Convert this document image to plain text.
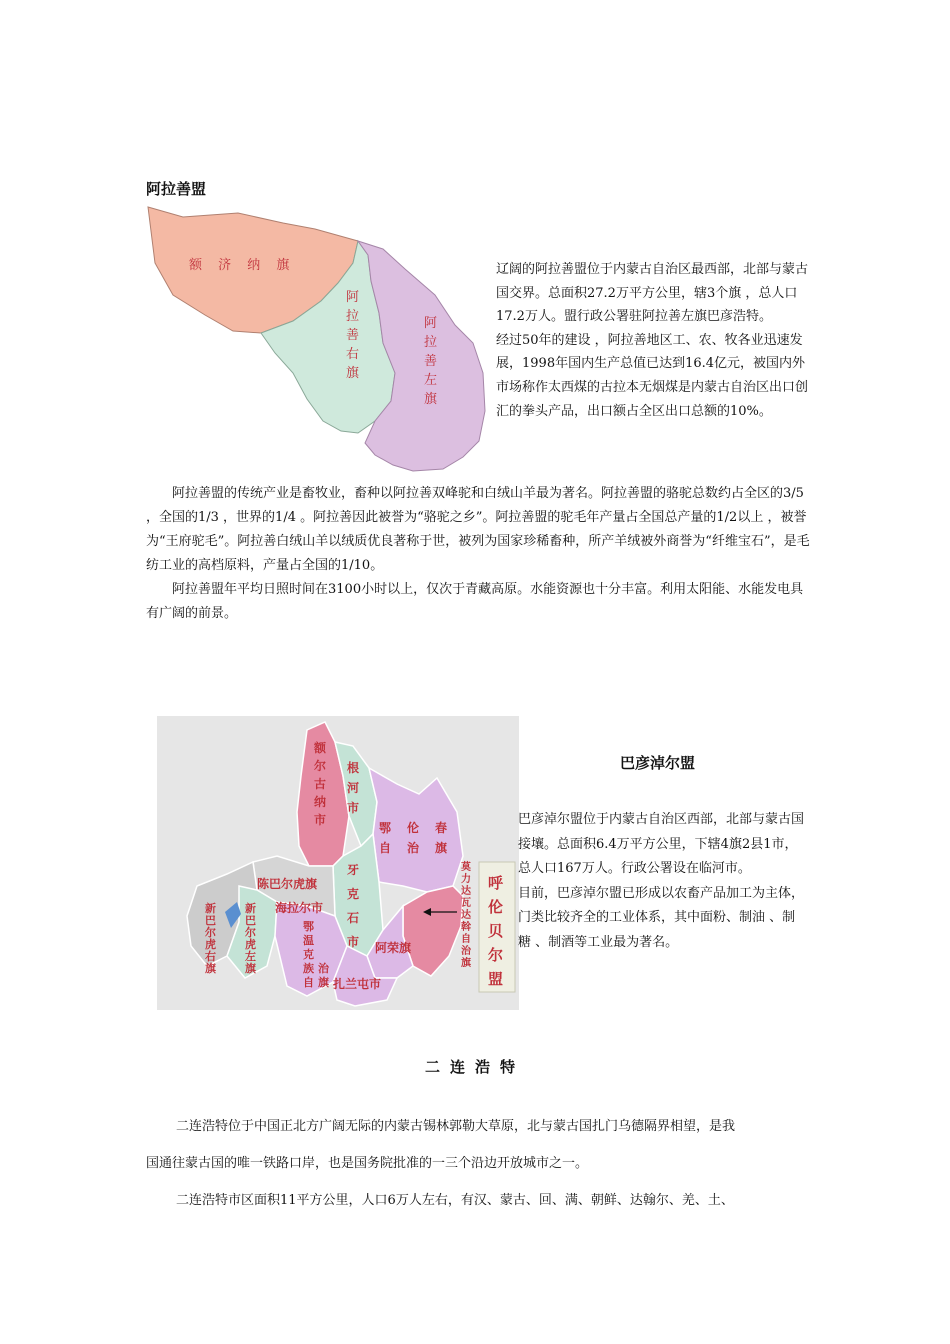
阿拉善盟
额 济 纳 旗
阿
拉
善
右
旗
阿
拉
善
左
旗

辽阔的阿拉善盟位于内蒙古自治区最西部，北部与蒙古国交界。总面积27.2万平方公里，辖3个旗 ，总人口17.2万人。盟行政公署驻阿拉善左旗巴彦浩特。

经过50年的建设 ，阿拉善地区工、农、牧各业迅速发展，1998年国内生产总值已达到16.4亿元，被国内外市场称作太西煤的古拉本无烟煤是内蒙古自治区出口创汇的拳头产品，出口额占全区出口总额的10%。

阿拉善盟的传统产业是畜牧业，畜种以阿拉善双峰驼和白绒山羊最为著名。阿拉善盟的骆驼总数约占全区的3/5 ，全国的1/3 ，世界的1/4 。阿拉善因此被誉为“骆驼之乡”。阿拉善盟的驼毛年产量占全国总产量的1/2以上 ，被誉为“王府驼毛”。阿拉善白绒山羊以绒质优良著称于世，被列为国家珍稀畜种，所产羊绒被外商誉为“纤维宝石”，是毛纺工业的高档原料，产量占全国的1/10。

阿拉善盟年平均日照时间在3100小时以上，仅次于青藏高原。水能资源也十分丰富。利用太阳能、水能发电具有广阔的前景。

额
尔
古
纳
市
根
河
市
鄂 伦 春
自 治 旗
牙
克
石
市
陈巴尔虎旗
海拉尔市
鄂
温
克
族
自
治
旗
新
巴
尔
虎
右
旗
新
巴
尔
虎
左
旗
阿荣旗
扎兰屯市
莫
力
达
瓦
达
斡
自
治
旗
呼
伦
贝
尔
盟
巴彦淖尔盟

巴彦淖尔盟位于内蒙古自治区西部，北部与蒙古国接壤。总面积6.4万平方公里，下辖4旗2县1市，总人口167万人。行政公署设在临河市。

目前，巴彦淖尔盟已形成以农畜产品加工为主体，门类比较齐全的工业体系，其中面粉、制油 、制糖 、制酒等工业最为著名。

二连浩特

二连浩特位于中国正北方广阔无际的内蒙古锡林郭勒大草原，北与蒙古国扎门乌德隔界相望，是我

国通往蒙古国的唯一铁路口岸，也是国务院批准的一三个沿边开放城市之一。

二连浩特市区面积11平方公里，人口6万人左右，有汉、蒙古、回、满、朝鲜、达翰尔、羌、土、
